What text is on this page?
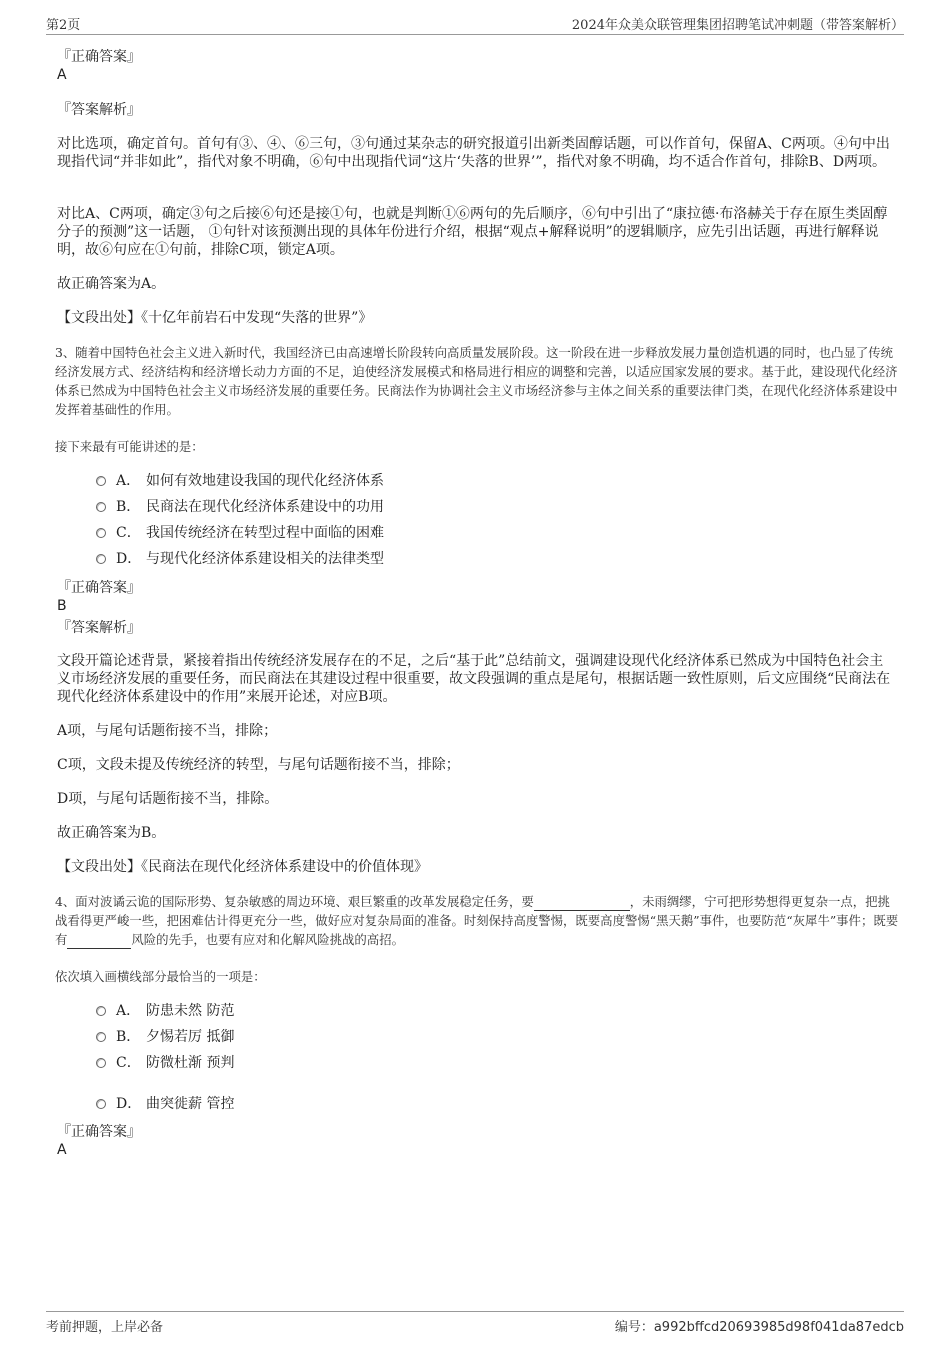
第2页	2024年众美众联管理集团招聘笔试冲刺题（带答案解析）
『正确答案』
A
『答案解析』
对比选项，确定首句。首句有③、④、⑥三句，③句通过某杂志的研究报道引出新类固醇话题，可以作首句，保留A、C两项。④句中出现指代词“并非如此”，指代对象不明确，⑥句中出现指代词“这片‘失落的世界’”，指代对象不明确，均不适合作首句，排除B、D两项。
对比A、C两项，确定③句之后接⑥句还是接①句，也就是判断①⑥两句的先后顺序，⑥句中引出了“康拉德·布洛赫关于存在原生类固醇分子的预测”这一话题， ①句针对该预测出现的具体年份进行介绍，根据“观点+解释说明”的逻辑顺序，应先引出话题，再进行解释说明，故⑥句应在①句前，排除C项，锁定A项。
故正确答案为A。
【文段出处】《十亿年前岩石中发现“失落的世界”》
3、随着中国特色社会主义进入新时代，我国经济已由高速增长阶段转向高质量发展阶段。这一阶段在进一步释放发展力量创造机遇的同时，也凸显了传统经济发展方式、经济结构和经济增长动力方面的不足，迫使经济发展模式和格局进行相应的调整和完善，以适应国家发展的要求。基于此，建设现代化经济体系已然成为中国特色社会主义市场经济发展的重要任务。民商法作为协调社会主义市场经济参与主体之间关系的重要法律门类，在现代化经济体系建设中发挥着基础性的作用。
接下来最有可能讲述的是：
A． 如何有效地建设我国的现代化经济体系
B． 民商法在现代化经济体系建设中的功用
C． 我国传统经济在转型过程中面临的困难
D． 与现代化经济体系建设相关的法律类型
『正确答案』
B
『答案解析』
文段开篇论述背景，紧接着指出传统经济发展存在的不足，之后“基于此”总结前文，强调建设现代化经济体系已然成为中国特色社会主义市场经济发展的重要任务，而民商法在其建设过程中很重要，故文段强调的重点是尾句，根据话题一致性原则，后文应围绕“民商法在现代化经济体系建设中的作用”来展开论述，对应B项。
A项，与尾句话题衔接不当，排除；
C项，文段未提及传统经济的转型，与尾句话题衔接不当，排除；
D项，与尾句话题衔接不当，排除。
故正确答案为B。
【文段出处】《民商法在现代化经济体系建设中的价值体现》
4、面对波谲云诡的国际形势、复杂敏感的周边环境、艰巨繁重的改革发展稳定任务，要	，未雨绸缪，宁可把形势想得更复杂一点，把挑战看得更严峻一些，把困难估计得更充分一些，做好应对复杂局面的准备。时刻保持高度警惕，既要高度警惕“黑天鹅”事件，也要防范“灰犀牛”事件；既要有	风险的先手，也要有应对和化解风险挑战的高招。
依次填入画横线部分最恰当的一项是：
A． 防患未然 防范
B． 夕惕若厉 抵御
C． 防微杜渐 预判
D． 曲突徙薪 管控
『正确答案』
A
考前押题，上岸必备	编号：a992bffcd20693985d98f041da87edcb
